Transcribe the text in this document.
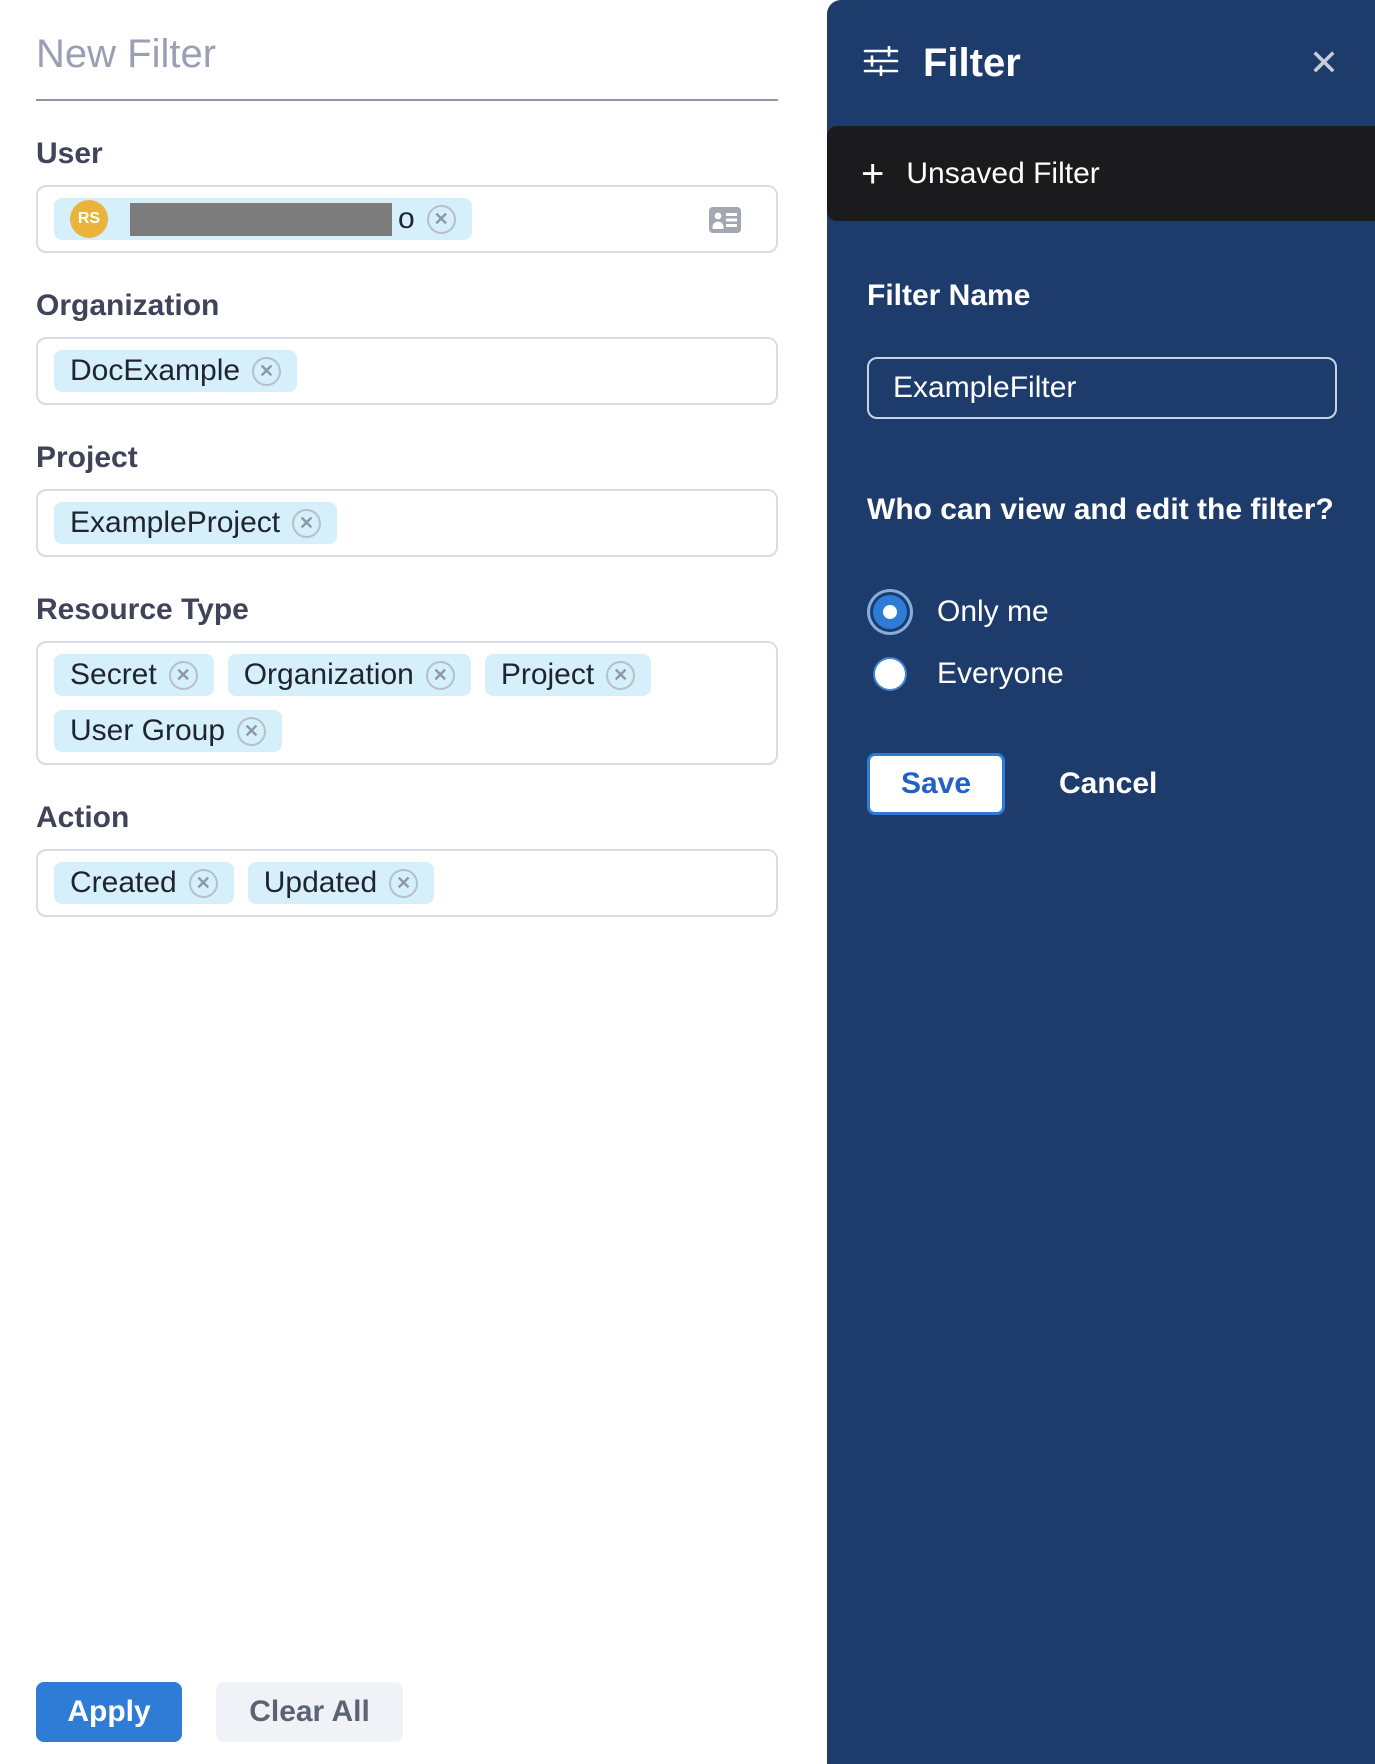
New Filter
User
RS	o	✕
Organization
DocExample	✕
Project
ExampleProject	✕
Resource Type
Secret	✕ Organization	✕ Project	✕
User Group	✕
Action
Created	✕ Updated	✕
Apply	Clear All
Filter	✕
+ Unsaved Filter
Filter Name
ExampleFilter
Who can view and edit the filter?
Only me
Everyone
Save	Cancel
